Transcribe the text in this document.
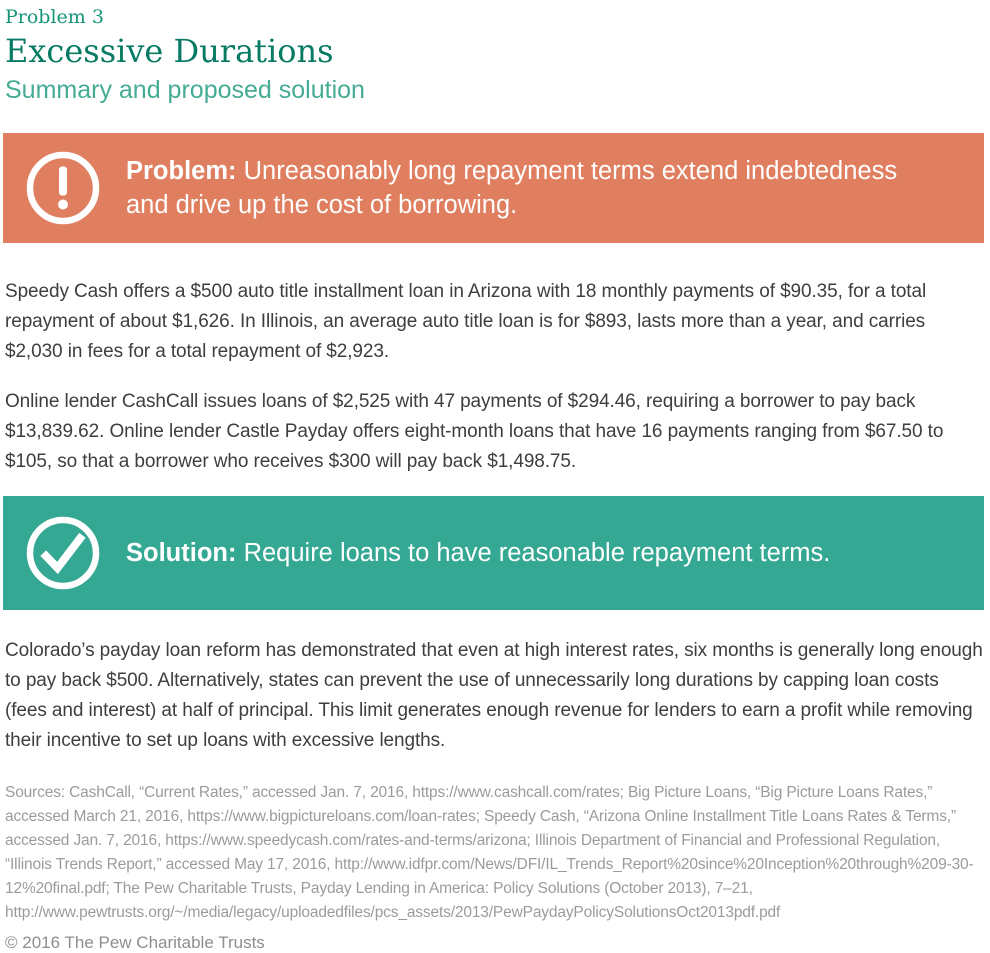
Problem 3
Excessive Durations
Summary and proposed solution
Problem: Unreasonably long repayment terms extend indebtedness and drive up the cost of borrowing.

Speedy Cash offers a $500 auto title installment loan in Arizona with 18 monthly payments of $90.35, for a total repayment of about $1,626. In Illinois, an average auto title loan is for $893, lasts more than a year, and carries $2,030 in fees for a total repayment of $2,923.

Online lender CashCall issues loans of $2,525 with 47 payments of $294.46, requiring a borrower to pay back $13,839.62. Online lender Castle Payday offers eight-month loans that have 16 payments ranging from $67.50 to $105, so that a borrower who receives $300 will pay back $1,498.75.

Solution: Require loans to have reasonable repayment terms.

Colorado’s payday loan reform has demonstrated that even at high interest rates, six months is generally long enough to pay back $500. Alternatively, states can prevent the use of unnecessarily long durations by capping loan costs (fees and interest) at half of principal. This limit generates enough revenue for lenders to earn a profit while removing their incentive to set up loans with excessive lengths.

Sources: CashCall, “Current Rates,” accessed Jan. 7, 2016, https://www.cashcall.com/rates; Big Picture Loans, “Big Picture Loans Rates,” accessed March 21, 2016, https://www.bigpictureloans.com/loan-rates; Speedy Cash, “Arizona Online Installment Title Loans Rates & Terms,” accessed Jan. 7, 2016, https://www.speedycash.com/rates-and-terms/arizona; Illinois Department of Financial and Professional Regulation, “Illinois Trends Report,” accessed May 17, 2016, http://www.idfpr.com/News/DFI/IL_Trends_Report%20since%20Inception%20through%209-30-12%20final.pdf; The Pew Charitable Trusts, Payday Lending in America: Policy Solutions (October 2013), 7–21, http://www.pewtrusts.org/~/media/legacy/uploadedfiles/pcs_assets/2013/PewPaydayPolicySolutionsOct2013pdf.pdf
© 2016 The Pew Charitable Trusts
